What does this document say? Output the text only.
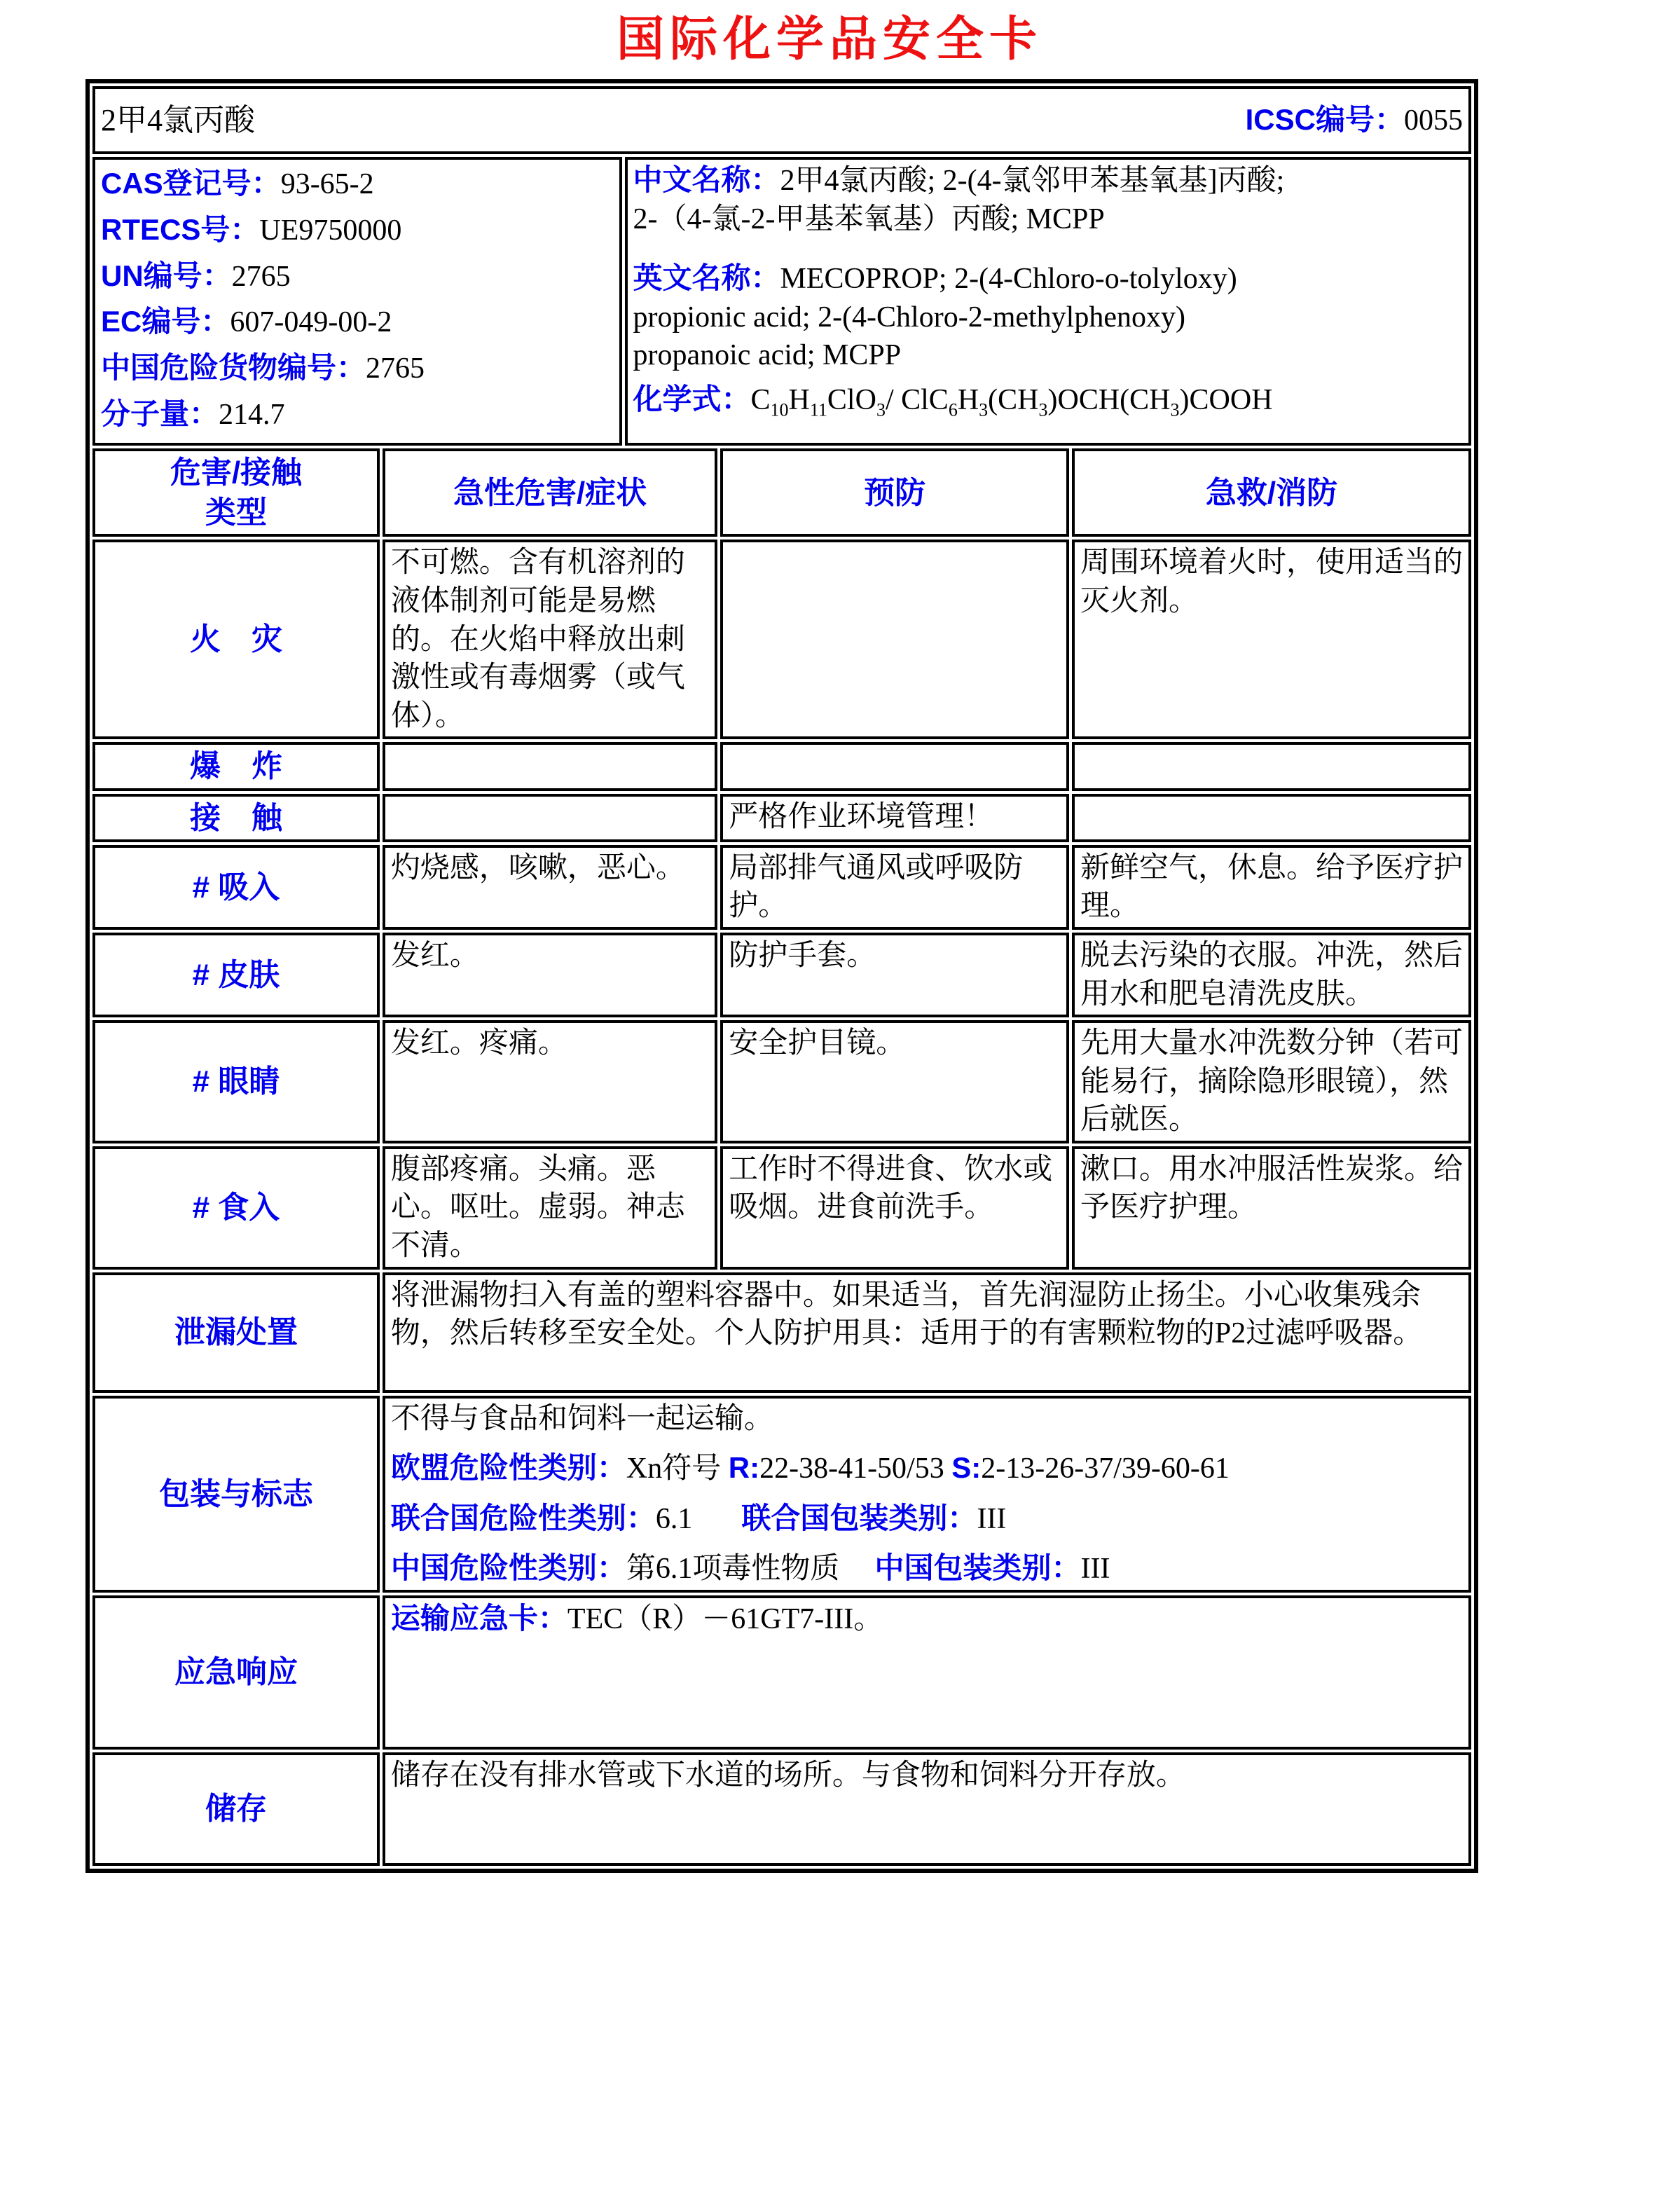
国际化学品安全卡
2甲4氯丙酸 ICSC编号：0055				

CAS登记号：93-65-2
RTECS号：UE9750000
UN编号：2765
EC编号：607-049-00-2
中国危险货物编号：2765
分子量：214.7

中文名称：2甲4氯丙酸; 2-(4-氯邻甲苯基氧基]丙酸;
2-（4-氯-2-甲基苯氧基）丙酸; MCPP
英文名称：MECOPROP; 2-(4-Chloro-o-tolyloxy)
propionic acid; 2-(4-Chloro-2-methylphenoxy)
propanoic acid; MCPP
化学式：$C_{10}H_{11}ClO_3/$ $ClC_6H_3(CH_3)OCH(CH_3)COOH$

危害/接触
类型	急性危害/症状		预防	急救/消防
火　灾	不可燃。含有机溶剂的液体制剂可能是易燃的。在火焰中释放出刺激性或有毒烟雾（或气体）。			周围环境着火时，使用适当的灭火剂。
爆　炸				
接　触			严格作业环境管理！	
# 吸入	灼烧感，咳嗽，恶心。		局部排气通风或呼吸防护。	新鲜空气，休息。给予医疗护理。
# 皮肤	发红。		防护手套。	脱去污染的衣服。冲洗，然后用水和肥皂清洗皮肤。
# 眼睛	发红。疼痛。		安全护目镜。	先用大量水冲洗数分钟（若可能易行，摘除隐形眼镜），然后就医。
# 食入	腹部疼痛。头痛。恶心。呕吐。虚弱。神志不清。		工作时不得进食、饮水或吸烟。进食前洗手。	漱口。用水冲服活性炭浆。给予医疗护理。
泄漏处置	将泄漏物扫入有盖的塑料容器中。如果适当，首先润湿防止扬尘。小心收集残余物，然后转移至安全处。个人防护用具：适用于的有害颗粒物的P2过滤呼吸器。			
包装与标志	不得与食品和饲料一起运输。
欧盟危险性类别：Xn符号 R:22-38-41-50/53 S:2-13-26-37/39-60-61
联合国危险性类别：6.1 联合国包装类别：III
中国危险性类别：第6.1项毒性物质 中国包装类别：III			

应急响应	运输应急卡：TEC（R）－61GT7-III。			
储存	储存在没有排水管或下水道的场所。与食物和饲料分开存放。			
